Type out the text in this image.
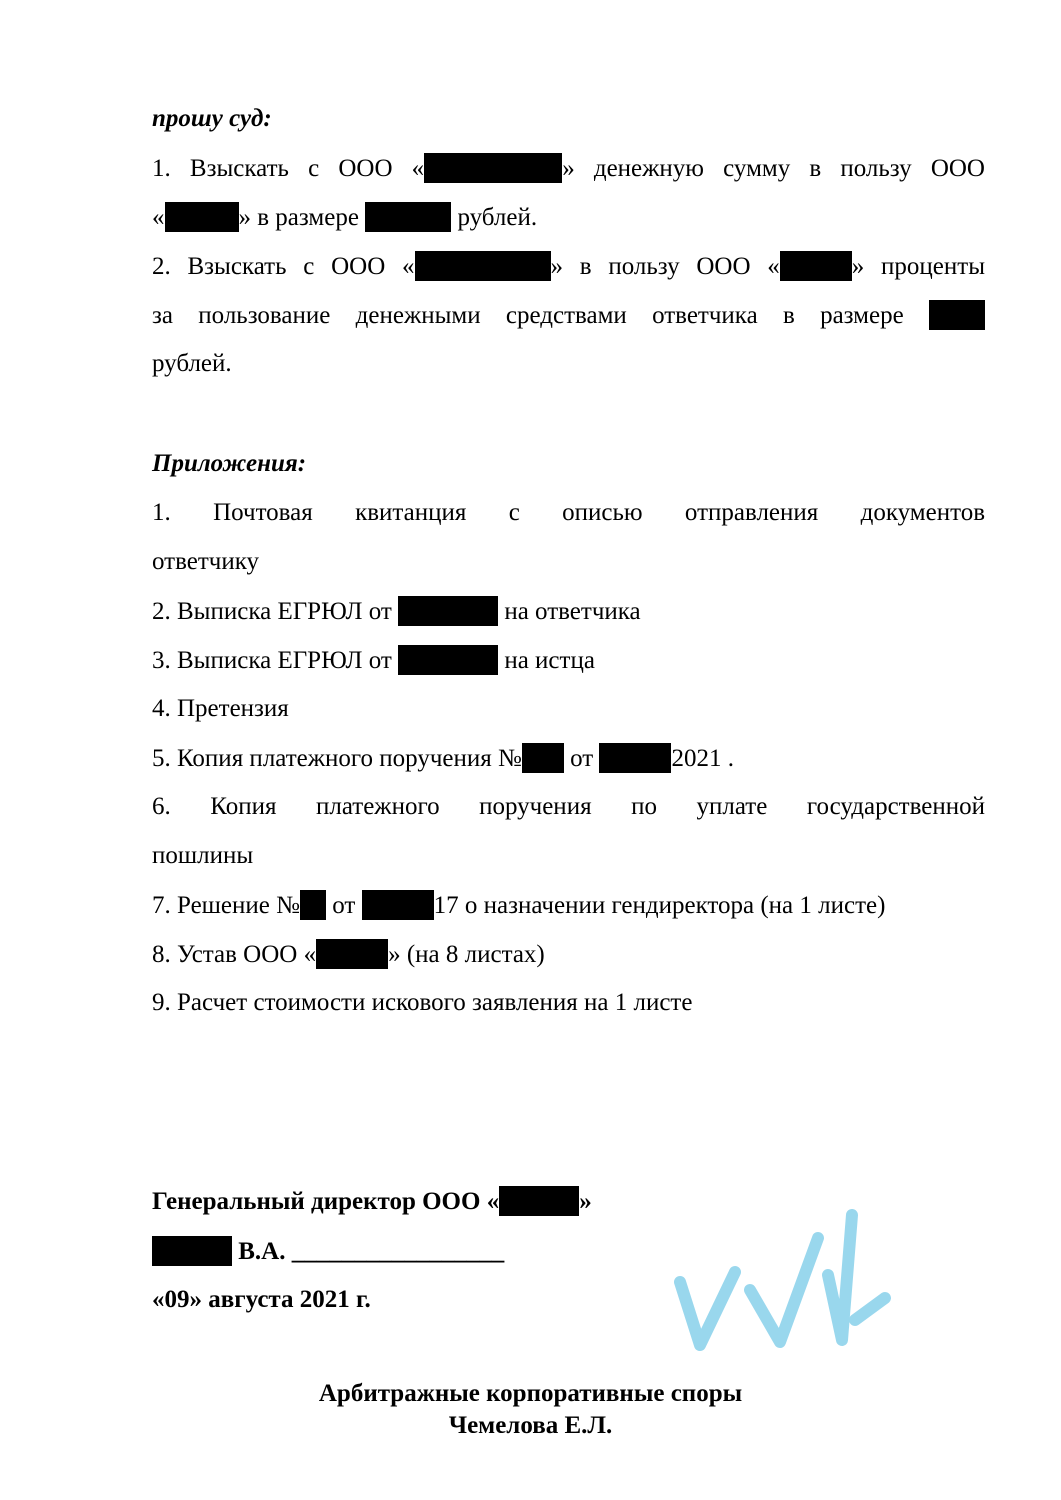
прошу суд:
1. Взыскать с ООО «	» денежную сумму в пользу ООО
«	» в размере	рублей.
2. Взыскать с ООО «	» в пользу ООО «	» проценты
за пользование денежными средствами ответчика в размере
рублей.
Приложения:
1. Почтовая квитанция с описью отправления документов
ответчику
2. Выписка ЕГРЮЛ от	на ответчика
3. Выписка ЕГРЮЛ от	на истца
4. Претензия
5. Копия платежного поручения № от	2021 .
6. Копия платежного поручения по уплате государственной
пошлины
7. Решение № от	17 о назначении гендиректора (на 1 листе)
8. Устав ООО «	» (на 8 листах)
9. Расчет стоимости искового заявления на 1 листе
Генеральный директор ООО «	»
В.А. _________________
«09» августа 2021 г.
Арбитражные корпоративные споры
Чемелова Е.Л.
